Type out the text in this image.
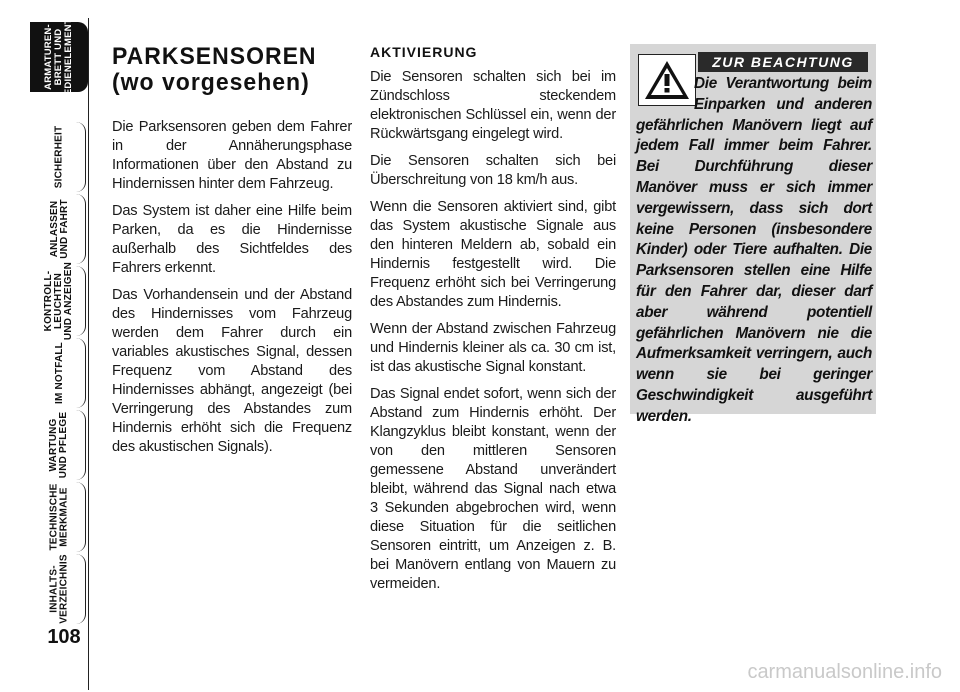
ARMATUREN-
BRETT UND
BEDIENELEMENTE
SICHERHEIT
ANLASSEN
UND FAHRT
KONTROLL-
LEUCHTEN
UND ANZEIGEN
IM NOTFALL
WARTUNG
UND PFLEGE
TECHNISCHE
MERKMALE
INHALTS-
VERZEICHNIS
108
PARKSENSOREN
(wo vorgesehen)

Die Parksensoren geben dem Fahrer in der Annäherungsphase Informationen über den Abstand zu Hindernissen hinter dem Fahrzeug.

Das System ist daher eine Hilfe beim Parken, da es die Hindernisse außerhalb des Sichtfeldes des Fahrers erkennt.

Das Vorhandensein und der Abstand des Hindernisses vom Fahrzeug werden dem Fahrer durch ein variables akustisches Signal, dessen Frequenz vom Abstand des Hindernisses abhängt, angezeigt (bei Verringerung des Abstandes zum Hindernis erhöht sich die Frequenz des akustischen Signals).

AKTIVIERUNG

Die Sensoren schalten sich bei im Zündschloss steckendem elektronischen Schlüssel ein, wenn der Rückwärtsgang eingelegt wird.

Die Sensoren schalten sich bei Überschreitung von 18 km/h aus.

Wenn die Sensoren aktiviert sind, gibt das System akustische Signale aus den hinteren Meldern ab, sobald ein Hindernis festgestellt wird. Die Frequenz erhöht sich bei Verringerung des Abstandes zum Hindernis.

Wenn der Abstand zwischen Fahrzeug und Hindernis kleiner als ca. 30 cm ist, ist das akustische Signal konstant.

Das Signal endet sofort, wenn sich der Abstand zum Hindernis erhöht. Der Klangzyklus bleibt konstant, wenn der von den mittleren Sensoren gemessene Abstand unverändert bleibt, während das Signal nach etwa 3 Sekunden abgebrochen wird, wenn diese Situation für die seitlichen Sensoren eintritt, um Anzeigen z. B. bei Manövern entlang von Mauern zu vermeiden.

ZUR BEACHTUNG
Die Verantwortung beim Einparken und anderen gefährlichen Manövern liegt auf jedem Fall immer beim Fahrer. Bei Durchführung dieser Manöver muss er sich immer vergewissern, dass sich dort keine Personen (insbesondere Kinder) oder Tiere aufhalten. Die Parksensoren stellen eine Hilfe für den Fahrer dar, dieser darf aber während potentiell gefährlichen Manövern nie die Aufmerksamkeit verringern, auch wenn sie bei geringer Geschwindigkeit ausgeführt werden.
carmanualsonline.info
